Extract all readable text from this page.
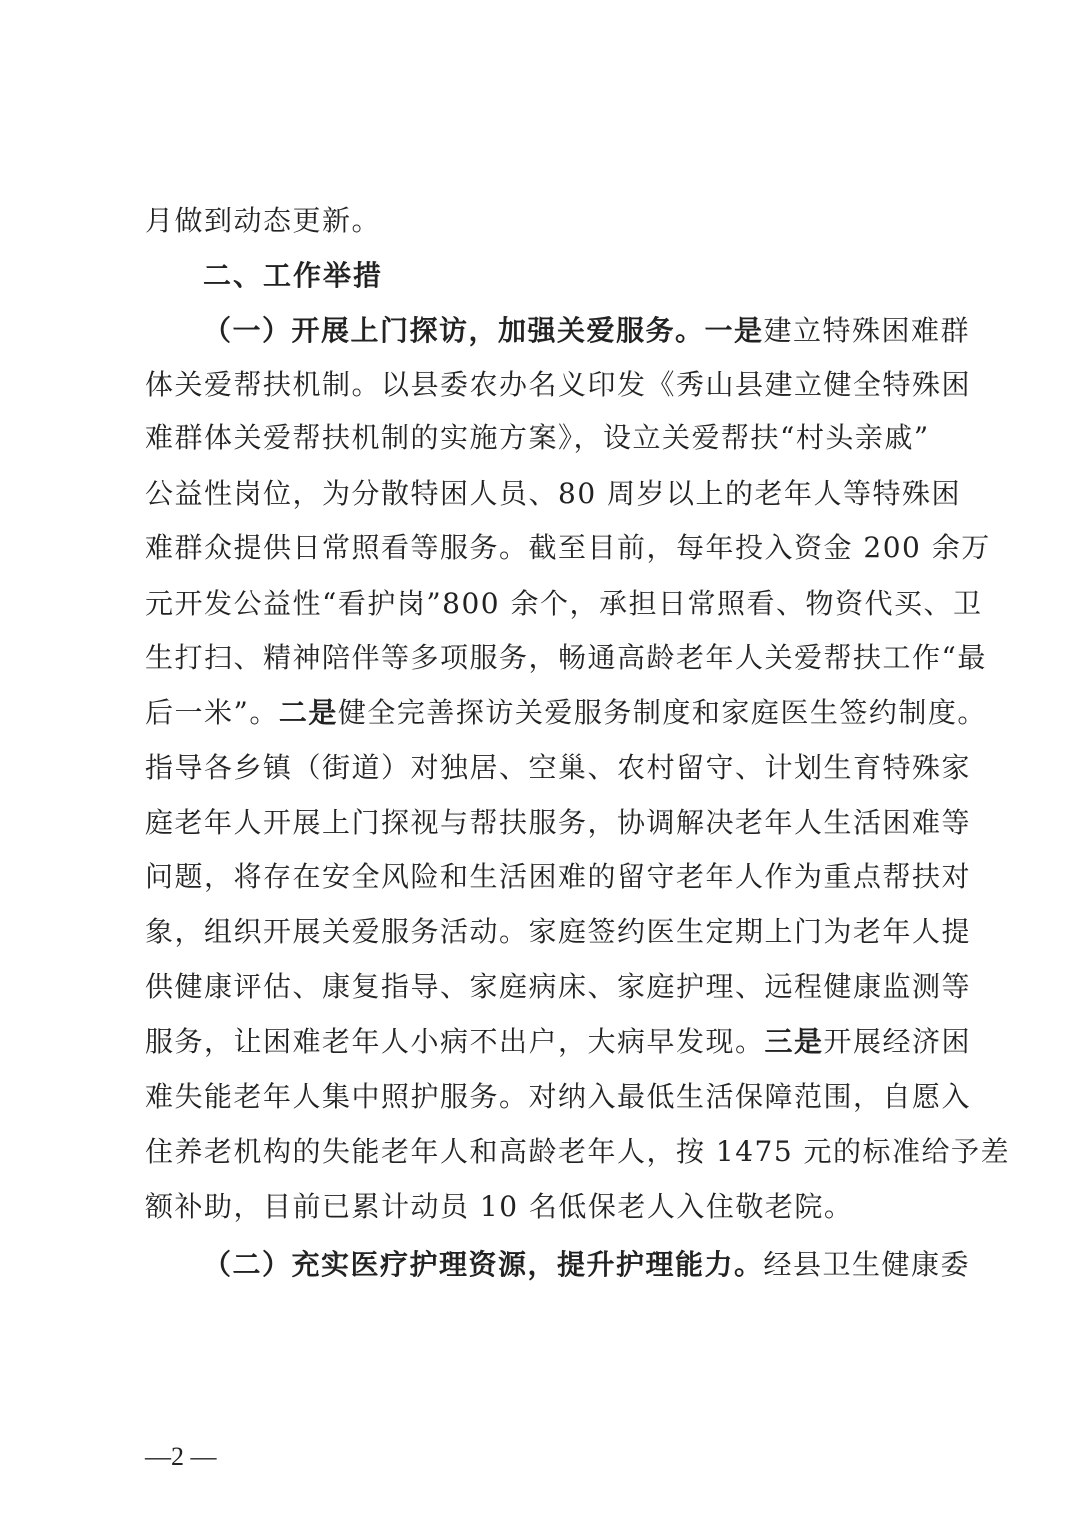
月做到动态更新。
二、工作举措
（一）开展上门探访，加强关爱服务。一是建立特殊困难群
体关爱帮扶机制。以县委农办名义印发《秀山县建立健全特殊困
难群体关爱帮扶机制的实施方案》，设立关爱帮扶“村头亲戚”
公益性岗位，为分散特困人员、80 周岁以上的老年人等特殊困
难群众提供日常照看等服务。截至目前，每年投入资金 200 余万
元开发公益性“看护岗”800 余个，承担日常照看、物资代买、卫
生打扫、精神陪伴等多项服务，畅通高龄老年人关爱帮扶工作“最
后一米”。二是健全完善探访关爱服务制度和家庭医生签约制度。
指导各乡镇（街道）对独居、空巢、农村留守、计划生育特殊家
庭老年人开展上门探视与帮扶服务，协调解决老年人生活困难等
问题，将存在安全风险和生活困难的留守老年人作为重点帮扶对
象，组织开展关爱服务活动。家庭签约医生定期上门为老年人提
供健康评估、康复指导、家庭病床、家庭护理、远程健康监测等
服务，让困难老年人小病不出户，大病早发现。三是开展经济困
难失能老年人集中照护服务。对纳入最低生活保障范围，自愿入
住养老机构的失能老年人和高龄老年人，按 1475 元的标准给予差
额补助，目前已累计动员 10 名低保老人入住敬老院。
（二）充实医疗护理资源，提升护理能力。经县卫生健康委
—2 —
